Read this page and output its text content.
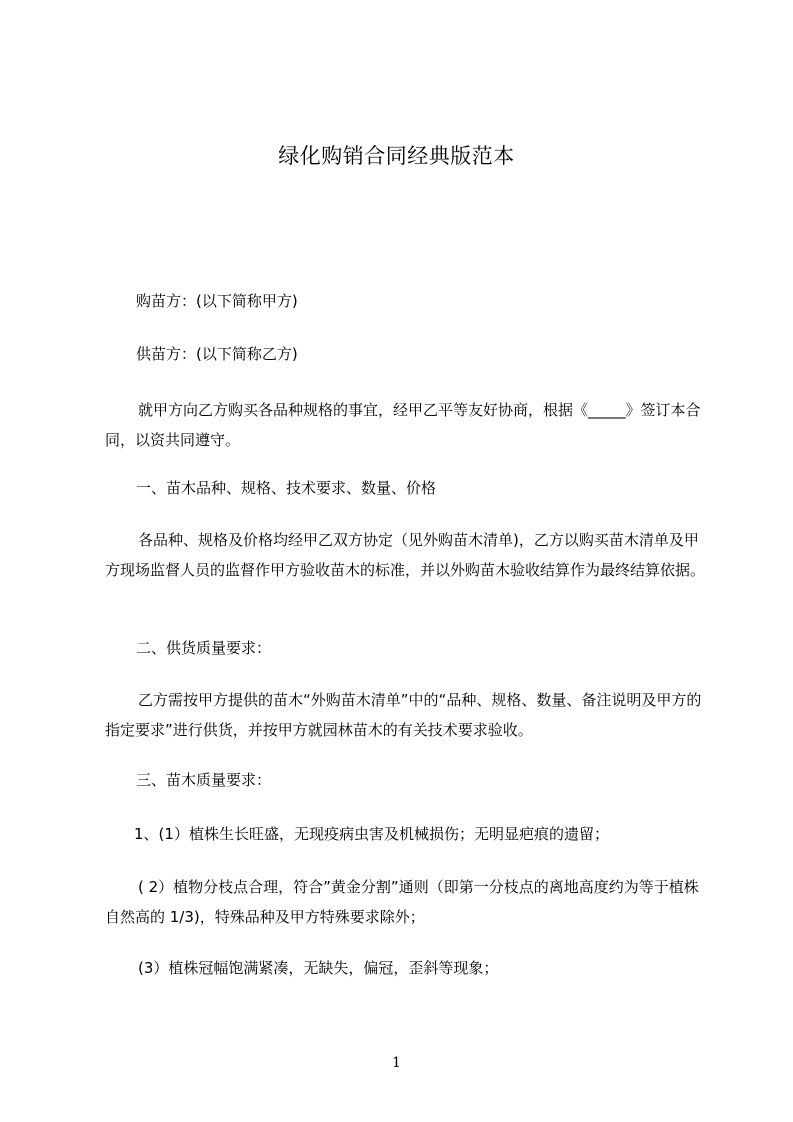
绿化购销合同经典版范本
购苗方：(以下简称甲方)
供苗方：(以下简称乙方)
就甲方向乙方购买各品种规格的事宜，经甲乙平等友好协商，根据《_____》签订本合同，以资共同遵守。
一、苗木品种、规格、技术要求、数量、价格
各品种、规格及价格均经甲乙双方协定（见外购苗木清单)，乙方以购买苗木清单及甲方现场监督人员的监督作甲方验收苗木的标准，并以外购苗木验收结算作为最终结算依据。
二、供货质量要求：
乙方需按甲方提供的苗木“外购苗木清单”中的“品种、规格、数量、备注说明及甲方的指定要求”进行供货，并按甲方就园林苗木的有关技术要求验收。
三、苗木质量要求：
1、(1）植株生长旺盛，无现疫病虫害及机械损伤；无明显疤痕的遗留；
( 2）植物分枝点合理，符合”黄金分割”通则（即第一分枝点的离地高度约为等于植株自然高的 1/3)，特殊品种及甲方特殊要求除外；
(3）植株冠幅饱满紧凑，无缺失，偏冠，歪斜等现象；
1
